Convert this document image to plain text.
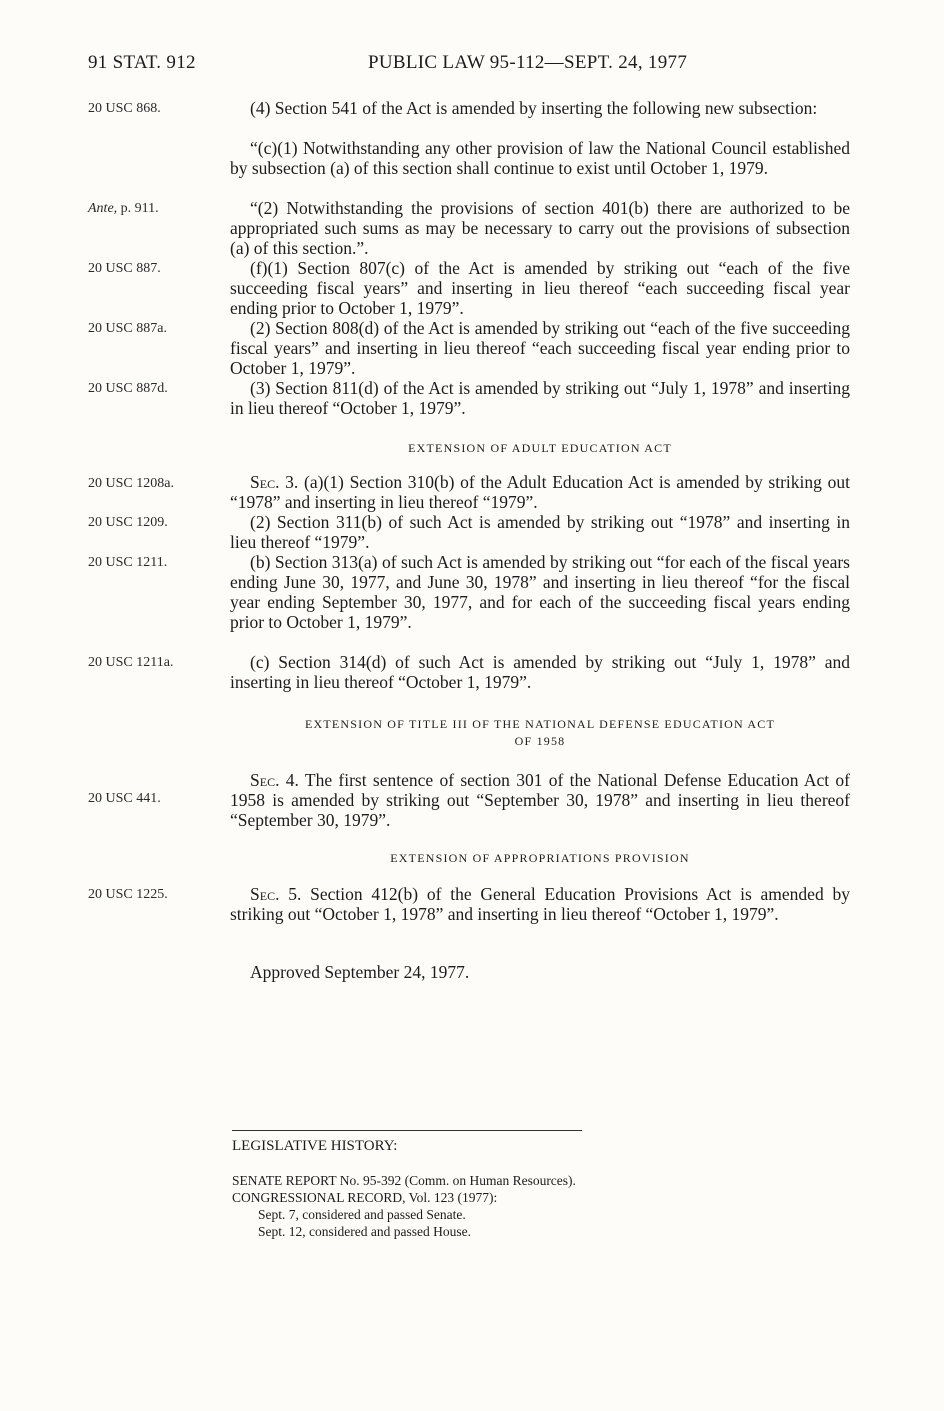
91 STAT. 912	PUBLIC LAW 95-112—SEPT. 24, 1977
20 USC 868.
Ante, p. 911.
20 USC 887.
20 USC 887a.
20 USC 887d.
20 USC 1208a.
20 USC 1209.
20 USC 1211.
20 USC 1211a.
20 USC 441.
20 USC 1225.

(4) Section 541 of the Act is amended by inserting the following new subsection:

“(c)(1) Notwithstanding any other provision of law the National Council established by subsection (a) of this section shall continue to exist until October 1, 1979.

“(2) Notwithstanding the provisions of section 401(b) there are authorized to be appropriated such sums as may be necessary to carry out the provisions of subsection (a) of this section.”.

(f)(1) Section 807(c) of the Act is amended by striking out “each of the five succeeding fiscal years” and inserting in lieu thereof “each succeeding fiscal year ending prior to October 1, 1979”.

(2) Section 808(d) of the Act is amended by striking out “each of the five succeeding fiscal years” and inserting in lieu thereof “each succeeding fiscal year ending prior to October 1, 1979”.

(3) Section 811(d) of the Act is amended by striking out “July 1, 1978” and inserting in lieu thereof “October 1, 1979”.

EXTENSION OF ADULT EDUCATION ACT

Sec. 3. (a)(1) Section 310(b) of the Adult Education Act is amended by striking out “1978” and inserting in lieu thereof “1979”.

(2) Section 311(b) of such Act is amended by striking out “1978” and inserting in lieu thereof “1979”.

(b) Section 313(a) of such Act is amended by striking out “for each of the fiscal years ending June 30, 1977, and June 30, 1978” and inserting in lieu thereof “for the fiscal year ending September 30, 1977, and for each of the succeeding fiscal years ending prior to October 1, 1979”.

(c) Section 314(d) of such Act is amended by striking out “July 1, 1978” and inserting in lieu thereof “October 1, 1979”.

EXTENSION OF TITLE III OF THE NATIONAL DEFENSE EDUCATION ACT
OF 1958

Sec. 4. The first sentence of section 301 of the National Defense Education Act of 1958 is amended by striking out “September 30, 1978” and inserting in lieu thereof “September 30, 1979”.

EXTENSION OF APPROPRIATIONS PROVISION

Sec. 5. Section 412(b) of the General Education Provisions Act is amended by striking out “October 1, 1978” and inserting in lieu thereof “October 1, 1979”.

Approved September 24, 1977.

LEGISLATIVE HISTORY:
SENATE REPORT No. 95-392 (Comm. on Human Resources).
CONGRESSIONAL RECORD, Vol. 123 (1977):
Sept. 7, considered and passed Senate.
Sept. 12, considered and passed House.
